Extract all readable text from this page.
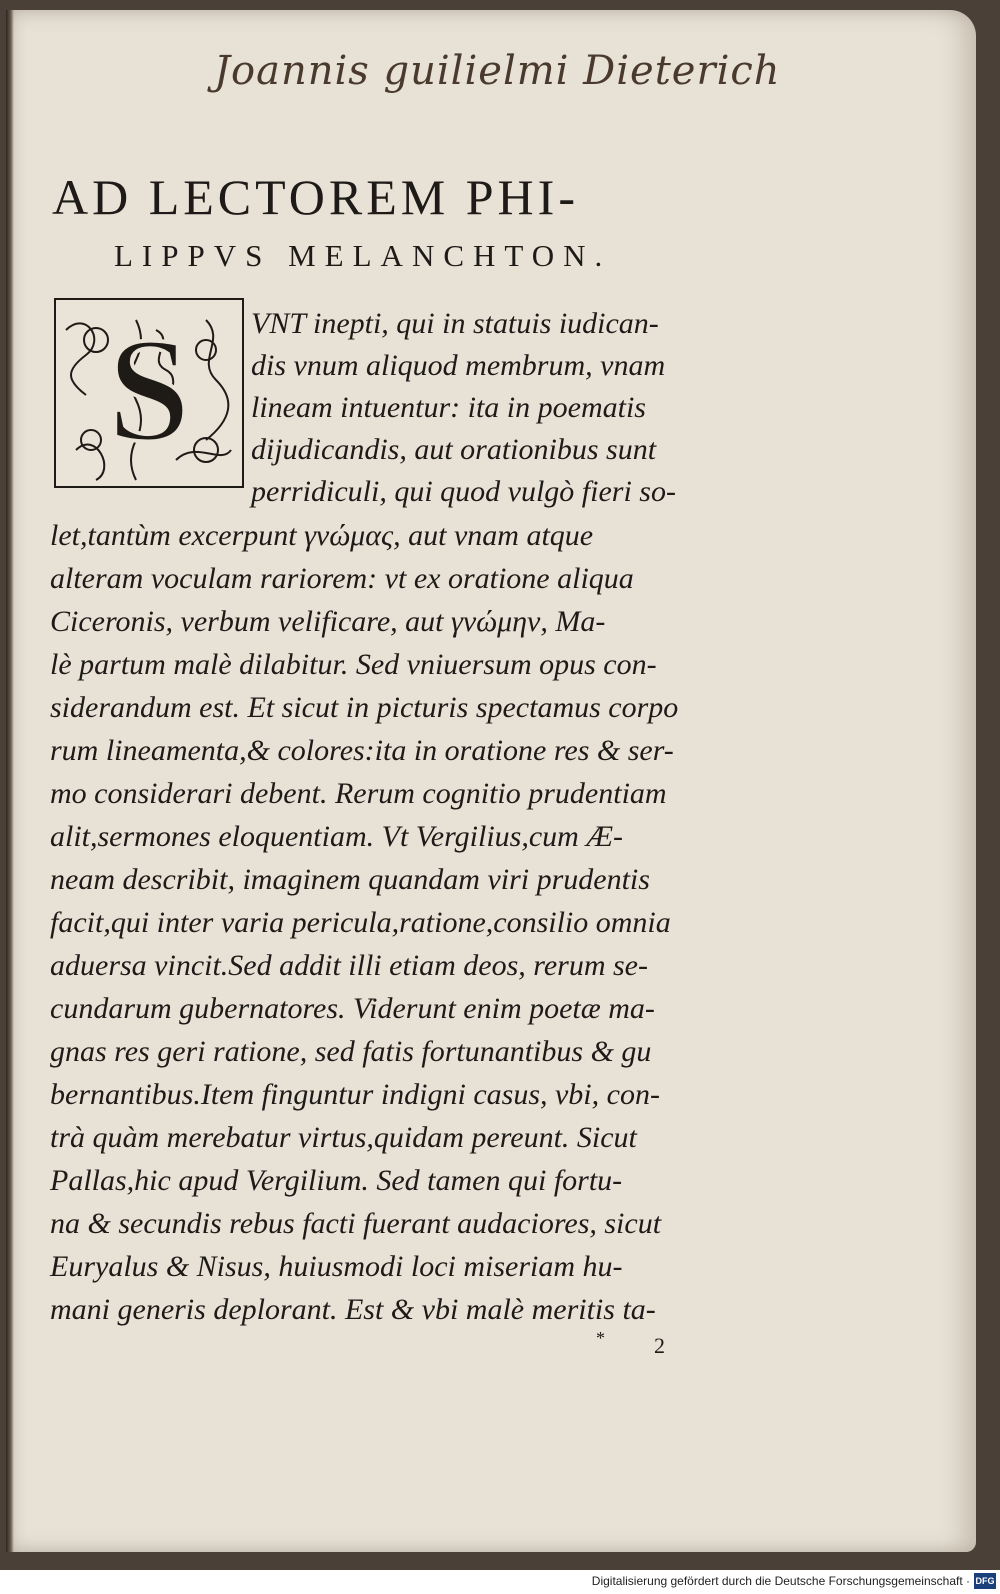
Joannis guilielmi Dieterich
AD LECTOREM PHI-
LIPPVS MELANCHTON.
S VNT inepti, qui in statuis iudican-
dis vnum aliquod membrum, vnam
lineam intuentur: ita in poematis
dijudicandis, aut orationibus sunt
perridiculi, qui quod vulgò fieri so-
let,tantùm excerpunt γνώμας, aut vnam atque
alteram voculam rariorem: vt ex oratione aliqua
Ciceronis, verbum velificare, aut γνώμην, Ma-
lè partum malè dilabitur. Sed vniuersum opus con-
siderandum est. Et sicut in picturis spectamus corpo
rum lineamenta,& colores:ita in oratione res & ser-
mo considerari debent. Rerum cognitio prudentiam
alit,sermones eloquentiam. Vt Vergilius,cum Æ-
neam describit, imaginem quandam viri prudentis
facit,qui inter varia pericula,ratione,consilio omnia
aduersa vincit.Sed addit illi etiam deos, rerum se-
cundarum gubernatores. Viderunt enim poetæ ma-
gnas res geri ratione, sed fatis fortunantibus & gu
bernantibus.Item finguntur indigni casus, vbi, con-
trà quàm merebatur virtus,quidam pereunt. Sicut
Pallas,hic apud Vergilium. Sed tamen qui fortu-
na & secundis rebus facti fuerant audaciores, sicut
Euryalus & Nisus, huiusmodi loci miseriam hu-
mani generis deplorant. Est & vbi malè meritis ta-
* 2
Digitalisierung gefördert durch die Deutsche Forschungsgemeinschaft · DFG
